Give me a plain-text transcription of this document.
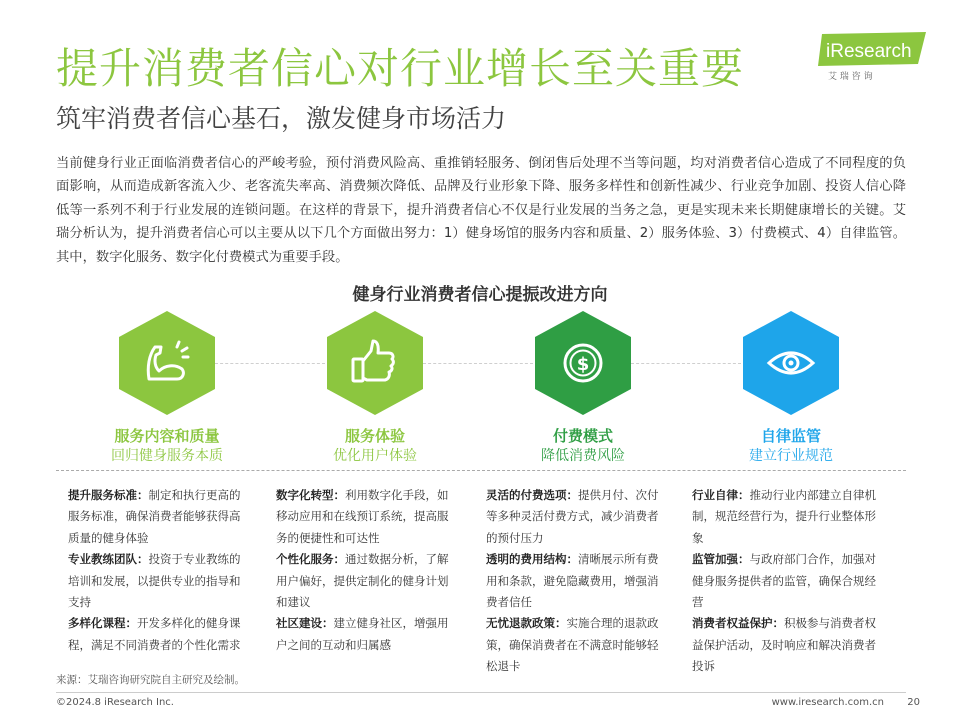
提升消费者信心对行业增长至关重要
筑牢消费者信心基石，激发健身市场活力
iResearch
艾 瑞 咨 询
当前健身行业正面临消费者信心的严峻考验，预付消费风险高、重推销轻服务、倒闭售后处理不当等问题，均对消费者信心造成了不同程度的负面影响，从而造成新客流入少、老客流失率高、消费频次降低、品牌及行业形象下降、服务多样性和创新性减少、行业竞争加剧、投资人信心降低等一系列不利于行业发展的连锁问题。在这样的背景下，提升消费者信心不仅是行业发展的当务之急，更是实现未来长期健康增长的关键。艾瑞分析认为，提升消费者信心可以主要从以下几个方面做出努力：1）健身场馆的服务内容和质量、2）服务体验、3）付费模式、4）自律监管。其中，数字化服务、数字化付费模式为重要手段。
健身行业消费者信心提振改进方向
$
服务内容和质量
回归健身服务本质
服务体验
优化用户体验
付费模式
降低消费风险
自律监管
建立行业规范
提升服务标准：制定和执行更高的服务标准，确保消费者能够获得高质量的健身体验
专业教练团队：投资于专业教练的培训和发展，以提供专业的指导和支持
多样化课程：开发多样化的健身课程，满足不同消费者的个性化需求
数字化转型：利用数字化手段，如移动应用和在线预订系统，提高服务的便捷性和可达性
个性化服务：通过数据分析，了解用户偏好，提供定制化的健身计划和建议
社区建设：建立健身社区，增强用户之间的互动和归属感
灵活的付费选项：提供月付、次付等多种灵活付费方式，减少消费者的预付压力
透明的费用结构：清晰展示所有费用和条款，避免隐藏费用，增强消费者信任
无忧退款政策：实施合理的退款政策，确保消费者在不满意时能够轻松退卡
行业自律：推动行业内部建立自律机制，规范经营行为，提升行业整体形象
监管加强：与政府部门合作，加强对健身服务提供者的监管，确保合规经营
消费者权益保护：积极参与消费者权益保护活动，及时响应和解决消费者投诉
来源：艾瑞咨询研究院自主研究及绘制。
©2024.8 iResearch Inc.	www.iresearch.com.cn 20
